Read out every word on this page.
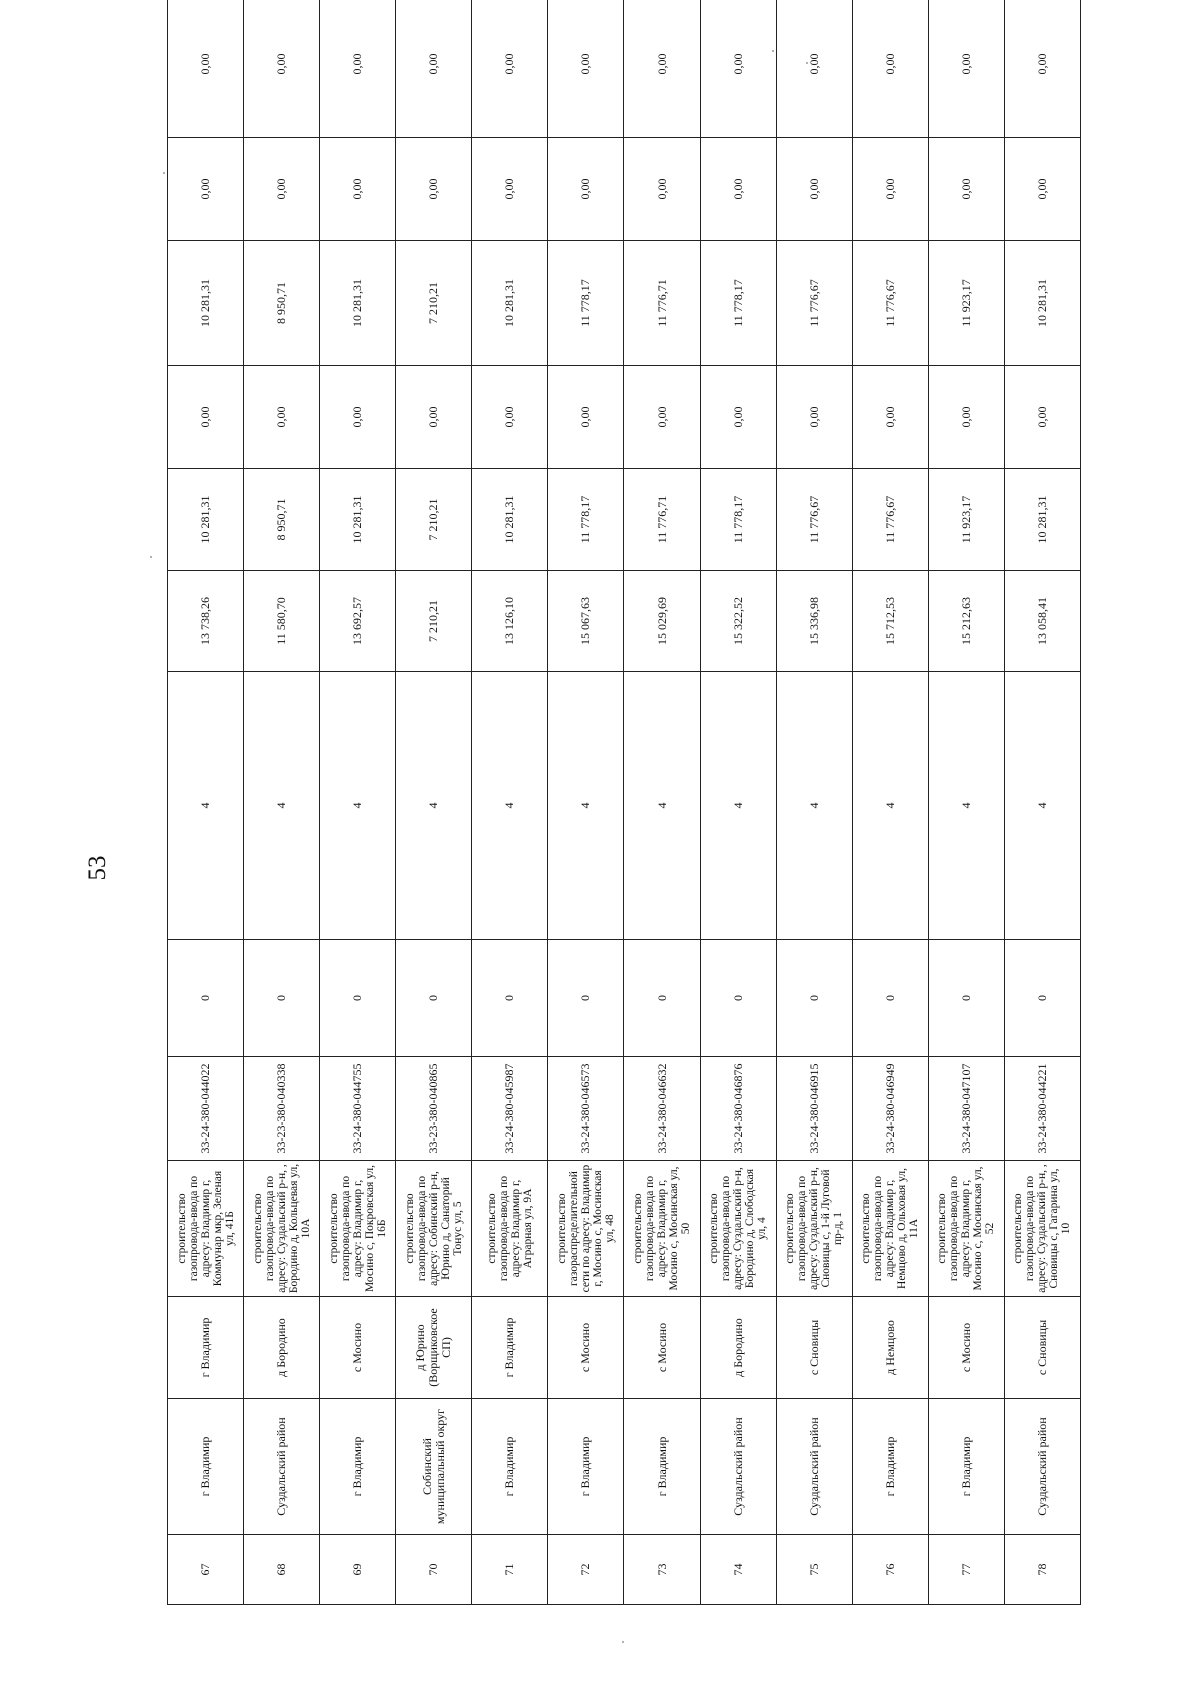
53
67	г Владимир	г Владимир	строительство газопровода-ввода по адресу: Владимир г, Коммунар мкр, Зеленая ул, 41Б	33-24-380-044022	0	4	13 738,26	10 281,31	0,00	10 281,31	0,00	0,00
68	Суздальский район	д Бородино	строительство газопровода-ввода по адресу: Суздальский р-н, , Бородино д, Кольцевая ул, 10А	33-23-380-040338	0	4	11 580,70	8 950,71	0,00	8 950,71	0,00	0,00
69	г Владимир	с Мосино	строительство газопровода-ввода по адресу: Владимир г, Мосино с, Покровская ул, 16Б	33-24-380-044755	0	4	13 692,57	10 281,31	0,00	10 281,31	0,00	0,00
70	Собинский муниципальный округ	д Юрино (Ворщиковское СП)	строительство газопровода-ввода по адресу: Собинский р-н, Юрино д, Санаторий Тонус ул, 5	33-23-380-040865	0	4	7 210,21	7 210,21	0,00	7 210,21	0,00	0,00
71	г Владимир	г Владимир	строительство газопровода-ввода по адресу: Владимир г, Аграрная ул, 9А	33-24-380-045987	0	4	13 126,10	10 281,31	0,00	10 281,31	0,00	0,00
72	г Владимир	с Мосино	строительство газораспределительной сети по адресу: Владимир г, Мосино с, Мосинская ул, 48	33-24-380-046573	0	4	15 067,63	11 778,17	0,00	11 778,17	0,00	0,00
73	г Владимир	с Мосино	строительство газопровода-ввода по адресу: Владимир г, Мосино с, Мосинская ул, 50	33-24-380-046632	0	4	15 029,69	11 776,71	0,00	11 776,71	0,00	0,00
74	Суздальский район	д Бородино	строительство газопровода-ввода по адресу: Суздальский р-н, Бородино д, Слободская ул, 4	33-24-380-046876	0	4	15 322,52	11 778,17	0,00	11 778,17	0,00	0,00
75	Суздальский район	с Сновицы	строительство газопровода-ввода по адресу: Суздальский р-н, Сновицы с, 1-й Луговой пр-д, 1	33-24-380-046915	0	4	15 336,98	11 776,67	0,00	11 776,67	0,00	0,00
76	г Владимир	д Немцово	строительство газопровода-ввода по адресу: Владимир г, Немцово д, Ольховая ул, 11А	33-24-380-046949	0	4	15 712,53	11 776,67	0,00	11 776,67	0,00	0,00
77	г Владимир	с Мосино	строительство газопровода-ввода по адресу: Владимир г, Мосино с, Мосинская ул, 52	33-24-380-047107	0	4	15 212,63	11 923,17	0,00	11 923,17	0,00	0,00
78	Суздальский район	с Сновицы	строительство газопровода-ввода по адресу: Суздальский р-н, , Сновицы с, Гагарина ул, 10	33-24-380-044221	0	4	13 058,41	10 281,31	0,00	10 281,31	0,00	0,00
